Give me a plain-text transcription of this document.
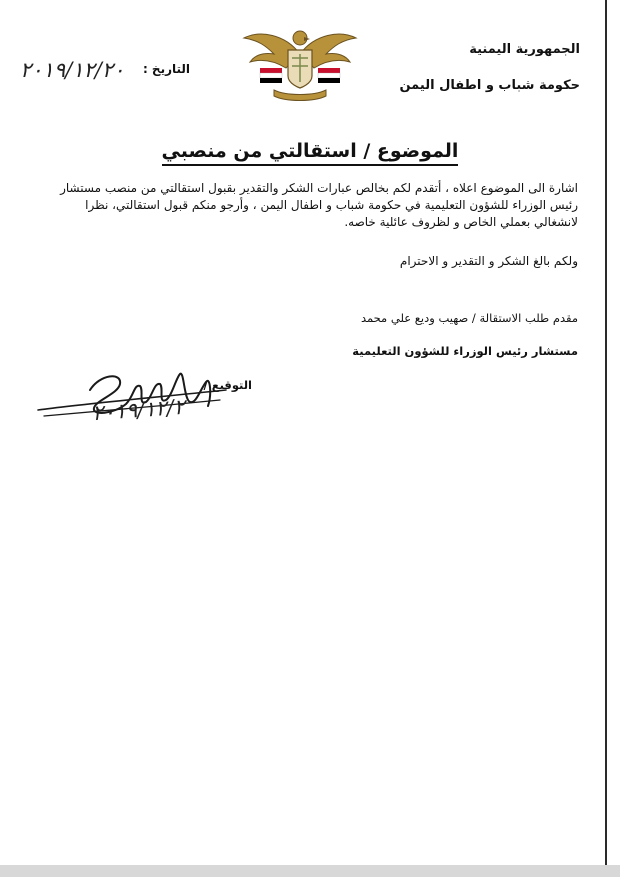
الجمهورية اليمنية
حكومة شباب و اطفال اليمن
التاريخ :
٢٠١٩/١٢/٢٠
الموضوع / استقالتي من منصبي

اشارة الى الموضوع اعلاه ، أتقدم لكم بخالص عبارات الشكر والتقدير بقبول استقالتي من منصب مستشار رئيس الوزراء للشؤون التعليمية في حكومة شباب و اطفال اليمن ، وأرجو منكم قبول استقالتي، نظرا لانشغالي بعملي الخاص و لظروف عائلية خاصه.

ولكم بالغ الشكر و التقدير و الاحترام
مقدم طلب الاستقالة / صهيب وديع علي محمد
مستشار رئيس الوزراء للشؤون التعليمية
التوقيع /
٢٠١٩/١٢/٢
